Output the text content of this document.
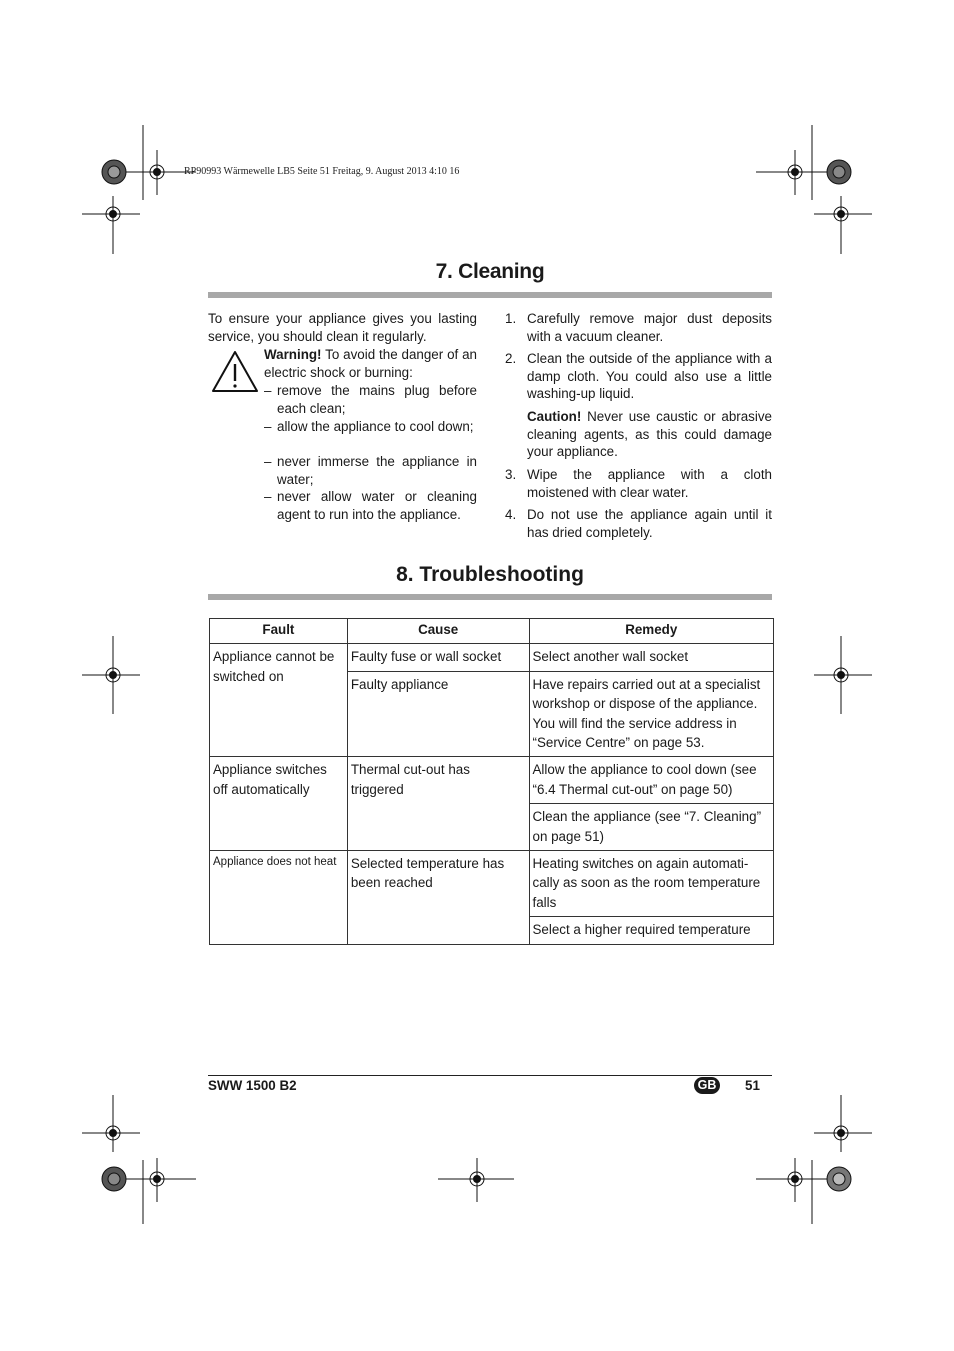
RP90993 Wärmewelle LB5 Seite 51 Freitag, 9. August 2013 4:10 16
7. Cleaning
To ensure your appliance gives you lasting service, you should clean it regularly.
Warning! To avoid the danger of an electric shock or burning:
– remove the mains plug before each clean;
– allow the appliance to cool down;
– never immerse the appliance in water;
– never allow water or cleaning agent to run into the appliance.
1. Carefully remove major dust deposits with a vacuum cleaner.
2. Clean the outside of the appliance with a damp cloth. You could also use a little washing-up liquid.
Caution! Never use caustic or abrasive cleaning agents, as this could damage your appliance.
3. Wipe the appliance with a cloth moistened with clear water.
4. Do not use the appliance again until it has dried completely.
8. Troubleshooting
Fault	Cause	Remedy
Appliance cannot be switched on	Faulty fuse or wall socket	Select another wall socket
	Faulty appliance	Have repairs carried out at a specialist workshop or dispose of the appliance. You will find the service address in “Service Centre” on page 53.
Appliance switches off automatically	Thermal cut-out has triggered	Allow the appliance to cool down (see “6.4 Thermal cut-out” on page 50)
		Clean the appliance (see “7. Cleaning” on page 51)
Appliance does not heat	Selected temperature has been reached	Heating switches on again automati-cally as soon as the room temperature falls
		Select a higher required temperature
SWW 1500 B2	GB 51
